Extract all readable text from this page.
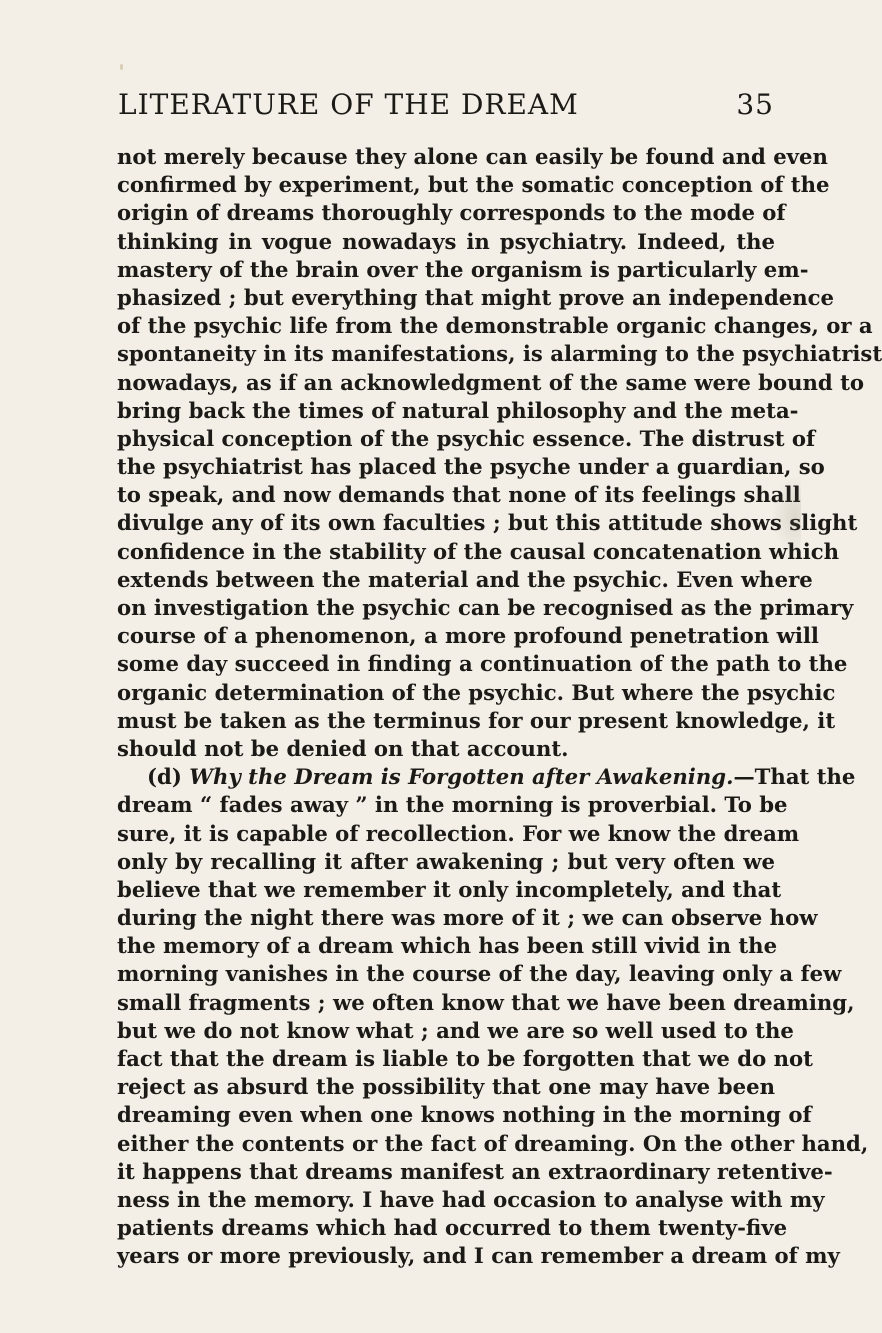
LITERATURE OF THE DREAM	35
not merely because they alone can easily be found and even
confirmed by experiment, but the somatic conception of the
origin of dreams thoroughly corresponds to the mode of
thinking in vogue nowadays in psychiatry. Indeed, the
mastery of the brain over the organism is particularly em-
phasized ; but everything that might prove an independence
of the psychic life from the demonstrable organic changes, or a
spontaneity in its manifestations, is alarming to the psychiatrist
nowadays, as if an acknowledgment of the same were bound to
bring back the times of natural philosophy and the meta-
physical conception of the psychic essence. The distrust of
the psychiatrist has placed the psyche under a guardian, so
to speak, and now demands that none of its feelings shall
divulge any of its own faculties ; but this attitude shows slight
confidence in the stability of the causal concatenation which
extends between the material and the psychic. Even where
on investigation the psychic can be recognised as the primary
course of a phenomenon, a more profound penetration will
some day succeed in finding a continuation of the path to the
organic determination of the psychic. But where the psychic
must be taken as the terminus for our present knowledge, it
should not be denied on that account.
(d) Why the Dream is Forgotten after Awakening.—That the
dream “ fades away ” in the morning is proverbial. To be
sure, it is capable of recollection. For we know the dream
only by recalling it after awakening ; but very often we
believe that we remember it only incompletely, and that
during the night there was more of it ; we can observe how
the memory of a dream which has been still vivid in the
morning vanishes in the course of the day, leaving only a few
small fragments ; we often know that we have been dreaming,
but we do not know what ; and we are so well used to the
fact that the dream is liable to be forgotten that we do not
reject as absurd the possibility that one may have been
dreaming even when one knows nothing in the morning of
either the contents or the fact of dreaming. On the other hand,
it happens that dreams manifest an extraordinary retentive-
ness in the memory. I have had occasion to analyse with my
patients dreams which had occurred to them twenty-five
years or more previously, and I can remember a dream of my
